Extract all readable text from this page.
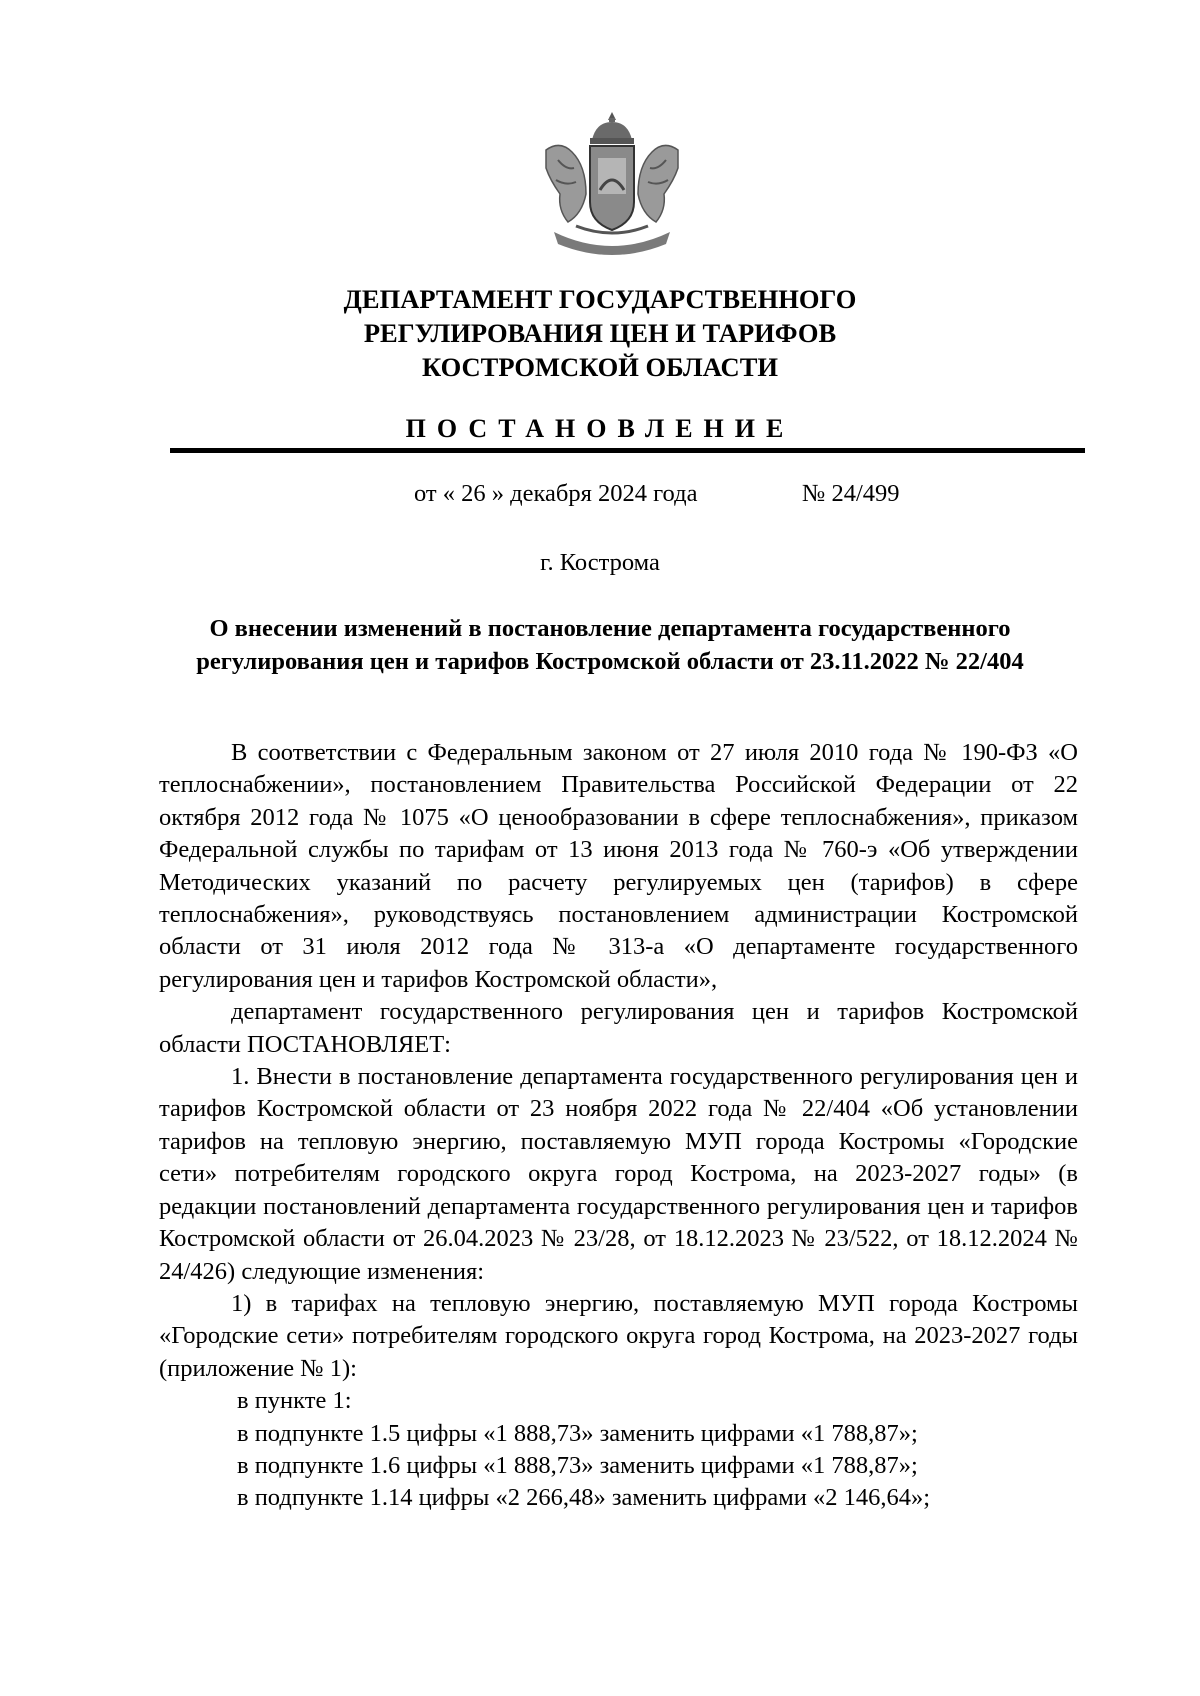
ДЕПАРТАМЕНТ ГОСУДАРСТВЕННОГО
РЕГУЛИРОВАНИЯ ЦЕН И ТАРИФОВ
КОСТРОМСКОЙ ОБЛАСТИ
ПОСТАНОВЛЕНИЕ
от « 26 » декабря 2024 года	№ 24/499
г. Кострома
О внесении изменений в постановление департамента государственного
регулирования цен и тарифов Костромской области от 23.11.2022 № 22/404

В соответствии с Федеральным законом от 27 июля 2010 года № 190-ФЗ «О теплоснабжении», постановлением Правительства Российской Федерации от 22 октября 2012 года № 1075 «О ценообразовании в сфере теплоснабжения», приказом Федеральной службы по тарифам от 13 июня 2013 года № 760-э «Об утверждении Методических указаний по расчету регулируемых цен (тарифов) в сфере теплоснабжения», руководствуясь постановлением администрации Костромской области от 31 июля 2012 года № 313-а «О департаменте государственного регулирования цен и тарифов Костромской области»,

департамент государственного регулирования цен и тарифов Костромской области ПОСТАНОВЛЯЕТ:

1. Внести в постановление департамента государственного регулирования цен и тарифов Костромской области от 23 ноября 2022 года № 22/404 «Об установлении тарифов на тепловую энергию, поставляемую МУП города Костромы «Городские сети» потребителям городского округа город Кострома, на 2023-2027 годы» (в редакции постановлений департамента государственного регулирования цен и тарифов Костромской области от 26.04.2023 № 23/28, от 18.12.2023 № 23/522, от 18.12.2024 № 24/426) следующие изменения:

1) в тарифах на тепловую энергию, поставляемую МУП города Костромы «Городские сети» потребителям городского округа город Кострома, на 2023-2027 годы (приложение № 1):

в пункте 1:
в подпункте 1.5 цифры «1 888,73» заменить цифрами «1 788,87»;
в подпункте 1.6 цифры «1 888,73» заменить цифрами «1 788,87»;
в подпункте 1.14 цифры «2 266,48» заменить цифрами «2 146,64»;
